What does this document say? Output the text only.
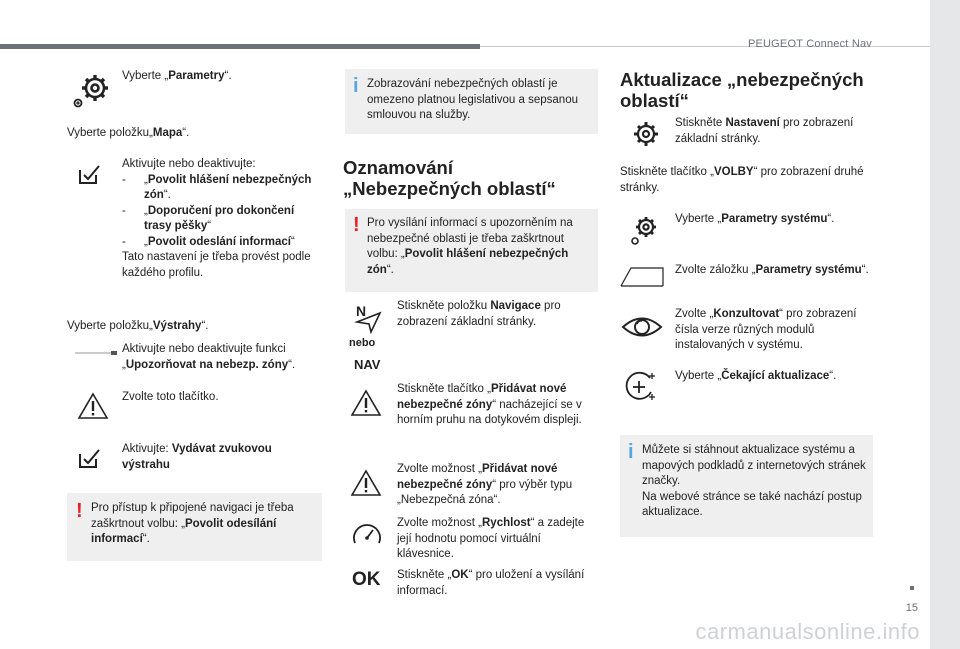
PEUGEOT Connect Nav
15
Vyberte „Parametry“.
Vyberte položku„Mapa“.
Aktivujte nebo deaktivujte:
- „Povolit hlášení nebezpečných zón“.
- „Doporučení pro dokončení trasy pěšky“
- „Povolit odeslání informací“
Tato nastavení je třeba provést podle každého profilu.
Vyberte položku„Výstrahy“.
Aktivujte nebo deaktivujte funkci „Upozorňovat na nebezp. zóny“.
Zvolte toto tlačítko.
Aktivujte: Vydávat zvukovou výstrahu
! Pro přístup k připojené navigaci je třeba zaškrtnout volbu: „Povolit odesílání informací“.
i Zobrazování nebezpečných oblastí je omezeno platnou legislativou a sepsanou smlouvou na služby.
Oznamování
„Nebezpečných oblastí“
! Pro vysílání informací s upozorněním na nebezpečné oblasti je třeba zaškrtnout volbu: „Povolit hlášení nebezpečných zón“.
N
nebo
NAV
Stiskněte položku Navigace pro zobrazení základní stránky.
Stiskněte tlačítko „Přidávat nové nebezpečné zóny“ nacházející se v horním pruhu na dotykovém displeji.
Zvolte možnost „Přidávat nové nebezpečné zóny“ pro výběr typu „Nebezpečná zóna“.
Zvolte možnost „Rychlost“ a zadejte její hodnotu pomocí virtuální klávesnice.
OK Stiskněte „OK“ pro uložení a vysílání informací.
Aktualizace „nebezpečných
oblastí“
Stiskněte Nastavení pro zobrazení základní stránky.
Stiskněte tlačítko „VOLBY“ pro zobrazení druhé stránky.
Vyberte „Parametry systému“.
Zvolte záložku „Parametry systému“.
Zvolte „Konzultovat“ pro zobrazení čísla verze různých modulů instalovaných v systému.
Vyberte „Čekající aktualizace“.
i Můžete si stáhnout aktualizace systému a mapových podkladů z internetových stránek značky.
Na webové stránce se také nachází postup aktualizace.
carmanualsonline.info
